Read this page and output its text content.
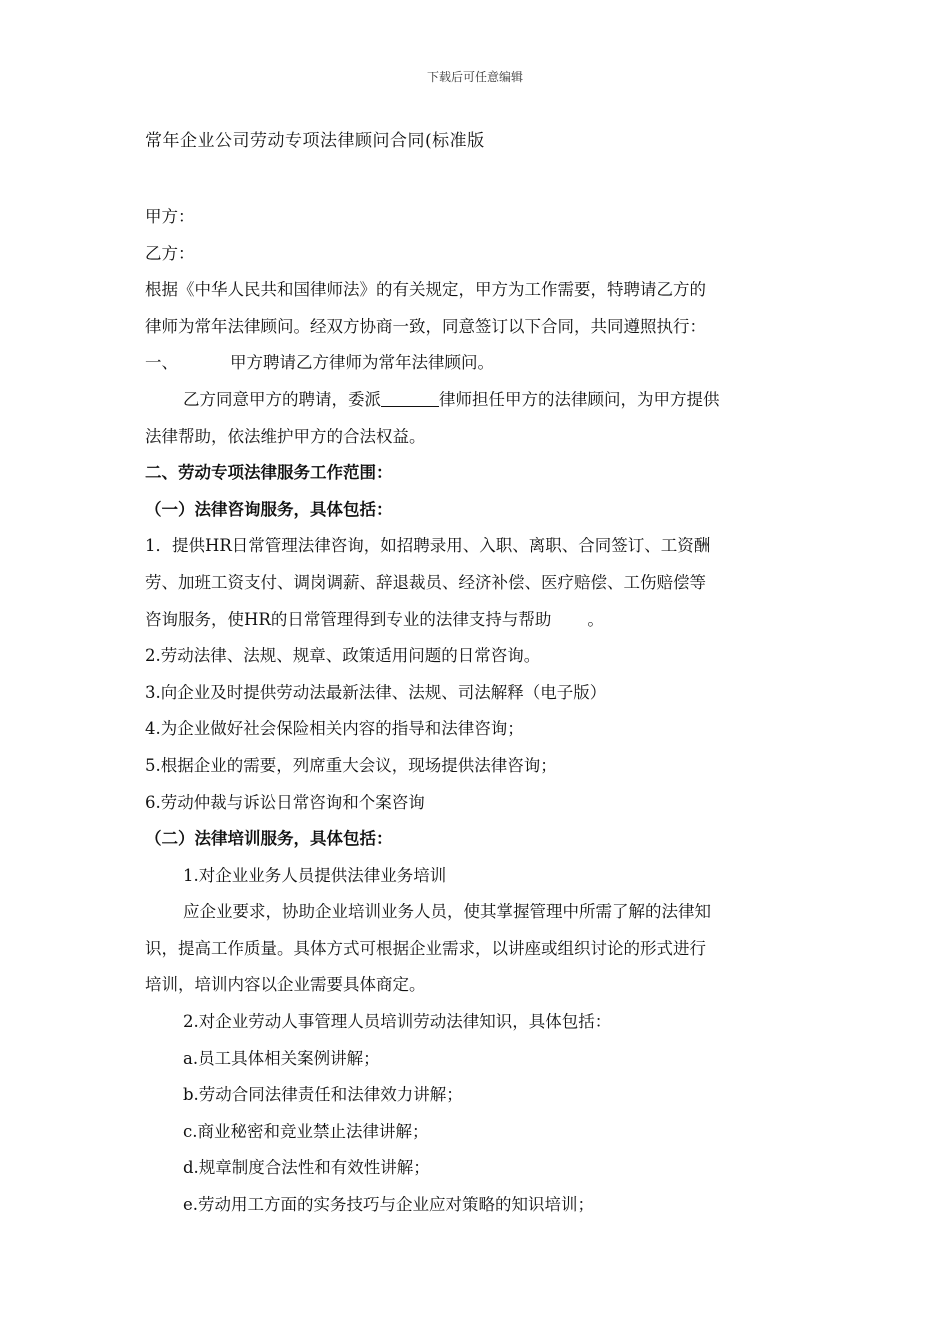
下载后可任意编辑
常年企业公司劳动专项法律顾问合同(标准版

甲方：

乙方：

根据《中华人民共和国律师法》的有关规定，甲方为工作需要，特聘请乙方的

律师为常年法律顾问。经双方协商一致，同意签订以下合同，共同遵照执行：

一、	甲方聘请乙方律师为常年法律顾问。

乙方同意甲方的聘请，委派	律师担任甲方的法律顾问，为甲方提供

法律帮助，依法维护甲方的合法权益。

二、劳动专项法律服务工作范围：

（一）法律咨询服务，具体包括：

1．提供HR日常管理法律咨询，如招聘录用、入职、离职、合同签订、工资酬

劳、加班工资支付、调岗调薪、辞退裁员、经济补偿、医疗赔偿、工伤赔偿等

咨询服务，使HR的日常管理得到专业的法律支持与帮助 。

2.劳动法律、法规、规章、政策适用问题的日常咨询。

3.向企业及时提供劳动法最新法律、法规、司法解释（电子版）

4.为企业做好社会保险相关内容的指导和法律咨询；

5.根据企业的需要，列席重大会议，现场提供法律咨询；

6.劳动仲裁与诉讼日常咨询和个案咨询

（二）法律培训服务，具体包括：

1.对企业业务人员提供法律业务培训

应企业要求，协助企业培训业务人员，使其掌握管理中所需了解的法律知

识，提高工作质量。具体方式可根据企业需求，以讲座或组织讨论的形式进行

培训，培训内容以企业需要具体商定。

2.对企业劳动人事管理人员培训劳动法律知识，具体包括：

a.员工具体相关案例讲解；

b.劳动合同法律责任和法律效力讲解；

c.商业秘密和竞业禁止法律讲解；

d.规章制度合法性和有效性讲解；

e.劳动用工方面的实务技巧与企业应对策略的知识培训；
